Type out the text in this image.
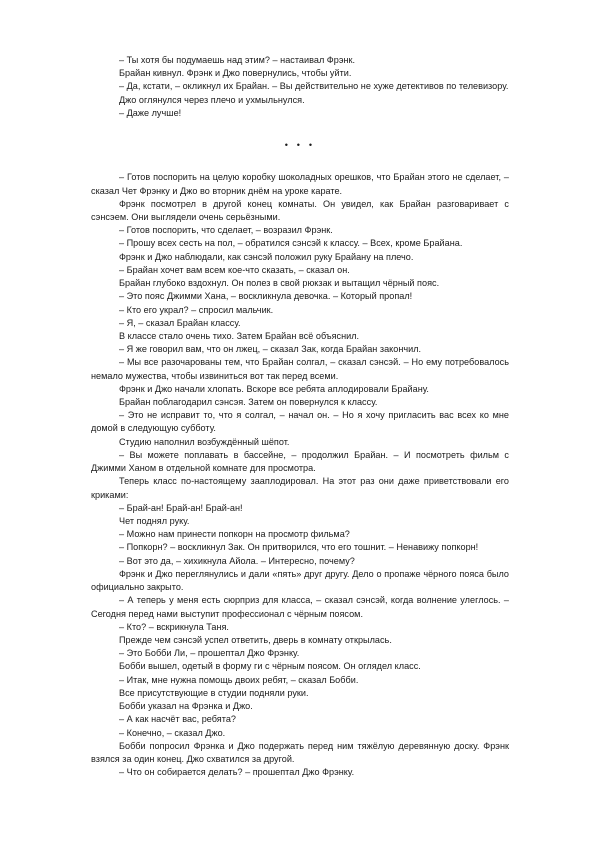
– Ты хотя бы подумаешь над этим? – настаивал Фрэнк.

Брайан кивнул. Фрэнк и Джо повернулись, чтобы уйти.

– Да, кстати, – окликнул их Брайан. – Вы действительно не хуже детективов по телевизору.

Джо оглянулся через плечо и ухмыльнулся.

– Даже лучше!

• • •

– Готов поспорить на целую коробку шоколадных орешков, что Брайан этого не сделает, – сказал Чет Фрэнку и Джо во вторник днём на уроке карате.

Фрэнк посмотрел в другой конец комнаты. Он увидел, как Брайан разговаривает с сэнсэем. Они выглядели очень серьёзными.

– Готов поспорить, что сделает, – возразил Фрэнк.

– Прошу всех сесть на пол, – обратился сэнсэй к классу. – Всех, кроме Брайана.

Фрэнк и Джо наблюдали, как сэнсэй положил руку Брайану на плечо.

– Брайан хочет вам всем кое-что сказать, – сказал он.

Брайан глубоко вздохнул. Он полез в свой рюкзак и вытащил чёрный пояс.

– Это пояс Джимми Хана, – воскликнула девочка. – Который пропал!

– Кто его украл? – спросил мальчик.

– Я, – сказал Брайан классу.

В классе стало очень тихо. Затем Брайан всё объяснил.

– Я же говорил вам, что он лжец, – сказал Зак, когда Брайан закончил.

– Мы все разочарованы тем, что Брайан солгал, – сказал сэнсэй. – Но ему потребовалось немало мужества, чтобы извиниться вот так перед всеми.

Фрэнк и Джо начали хлопать. Вскоре все ребята аплодировали Брайану.

Брайан поблагодарил сэнсэя. Затем он повернулся к классу.

– Это не исправит то, что я солгал, – начал он. – Но я хочу пригласить вас всех ко мне домой в следующую субботу.

Студию наполнил возбуждённый шёпот.

– Вы можете поплавать в бассейне, – продолжил Брайан. – И посмотреть фильм с Джимми Ханом в отдельной комнате для просмотра.

Теперь класс по-настоящему зааплодировал. На этот раз они даже приветствовали его криками:

– Брай-ан! Брай-ан! Брай-ан!

Чет поднял руку.

– Можно нам принести попкорн на просмотр фильма?

– Попкорн? – воскликнул Зак. Он притворился, что его тошнит. – Ненавижу попкорн!

– Вот это да, – хихикнула Айола. – Интересно, почему?

Фрэнк и Джо переглянулись и дали «пять» друг другу. Дело о пропаже чёрного пояса было официально закрыто.

– А теперь у меня есть сюрприз для класса, – сказал сэнсэй, когда волнение улеглось. – Сегодня перед нами выступит профессионал с чёрным поясом.

– Кто? – вскрикнула Таня.

Прежде чем сэнсэй успел ответить, дверь в комнату открылась.

– Это Бобби Ли, – прошептал Джо Фрэнку.

Бобби вышел, одетый в форму ги с чёрным поясом. Он оглядел класс.

– Итак, мне нужна помощь двоих ребят, – сказал Бобби.

Все присутствующие в студии подняли руки.

Бобби указал на Фрэнка и Джо.

– А как насчёт вас, ребята?

– Конечно, – сказал Джо.

Бобби попросил Фрэнка и Джо подержать перед ним тяжёлую деревянную доску. Фрэнк взялся за один конец. Джо схватился за другой.

– Что он собирается делать? – прошептал Джо Фрэнку.
